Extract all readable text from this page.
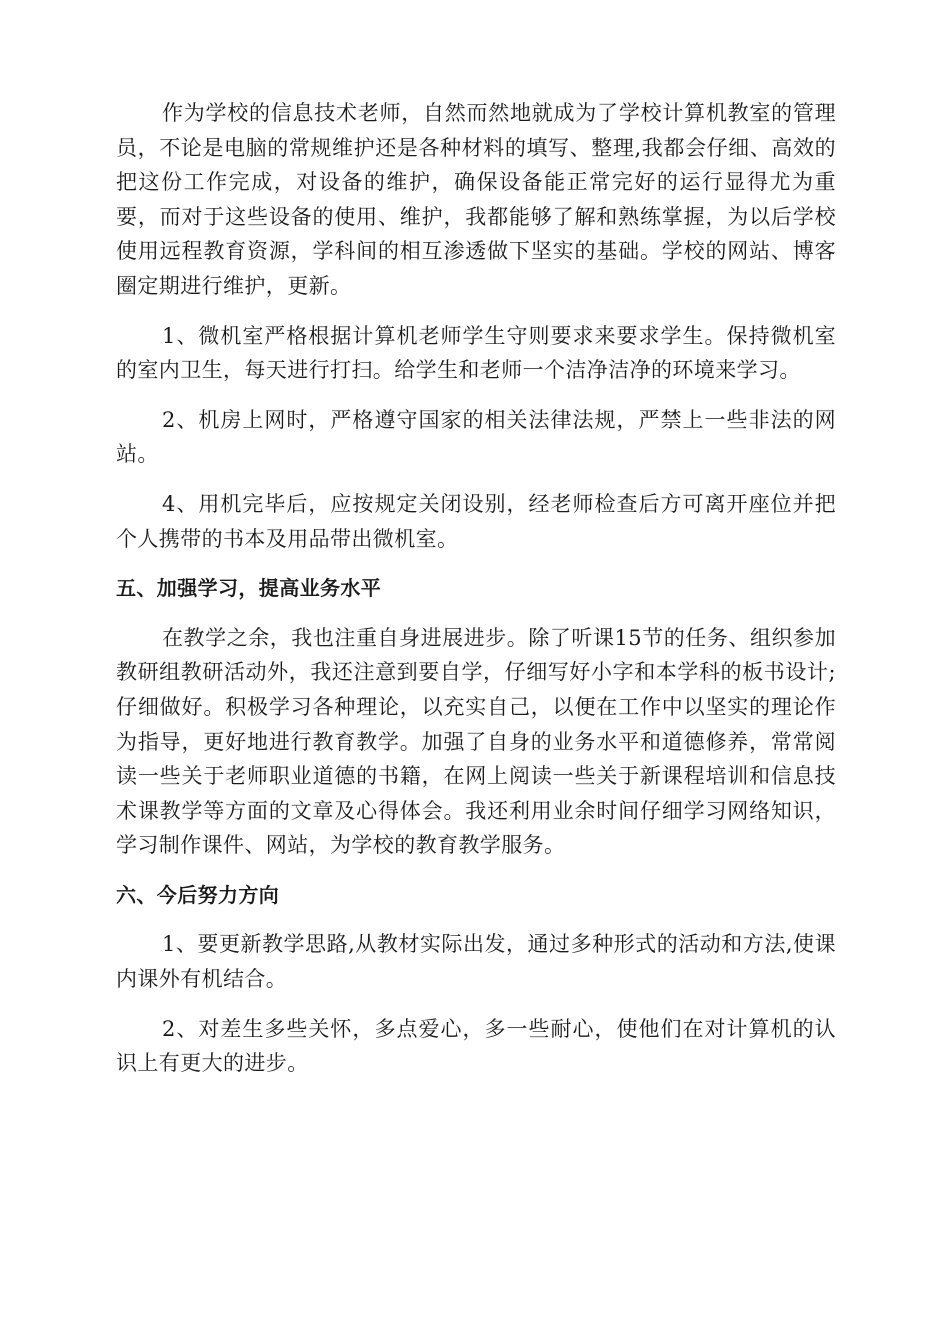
作为学校的信息技术老师，自然而然地就成为了学校计算机教室的管理员，不论是电脑的常规维护还是各种材料的填写、整理,我都会仔细、高效的把这份工作完成，对设备的维护，确保设备能正常完好的运行显得尤为重要，而对于这些设备的使用、维护，我都能够了解和熟练掌握，为以后学校使用远程教育资源，学科间的相互渗透做下坚实的基础。学校的网站、博客圈定期进行维护，更新。

1、微机室严格根据计算机老师学生守则要求来要求学生。保持微机室的室内卫生，每天进行打扫。给学生和老师一个洁净洁净的环境来学习。

2、机房上网时，严格遵守国家的相关法律法规，严禁上一些非法的网站。

4、用机完毕后，应按规定关闭设别，经老师检查后方可离开座位并把个人携带的书本及用品带出微机室。

五、加强学习，提高业务水平

在教学之余，我也注重自身进展进步。除了听课15节的任务、组织参加教研组教研活动外，我还注意到要自学，仔细写好小字和本学科的板书设计;仔细做好。积极学习各种理论，以充实自己，以便在工作中以坚实的理论作为指导，更好地进行教育教学。加强了自身的业务水平和道德修养，常常阅读一些关于老师职业道德的书籍，在网上阅读一些关于新课程培训和信息技术课教学等方面的文章及心得体会。我还利用业余时间仔细学习网络知识，学习制作课件、网站，为学校的教育教学服务。

六、今后努力方向

1、要更新教学思路,从教材实际出发，通过多种形式的活动和方法,使课内课外有机结合。

2、对差生多些关怀，多点爱心，多一些耐心，使他们在对计算机的认识上有更大的进步。
